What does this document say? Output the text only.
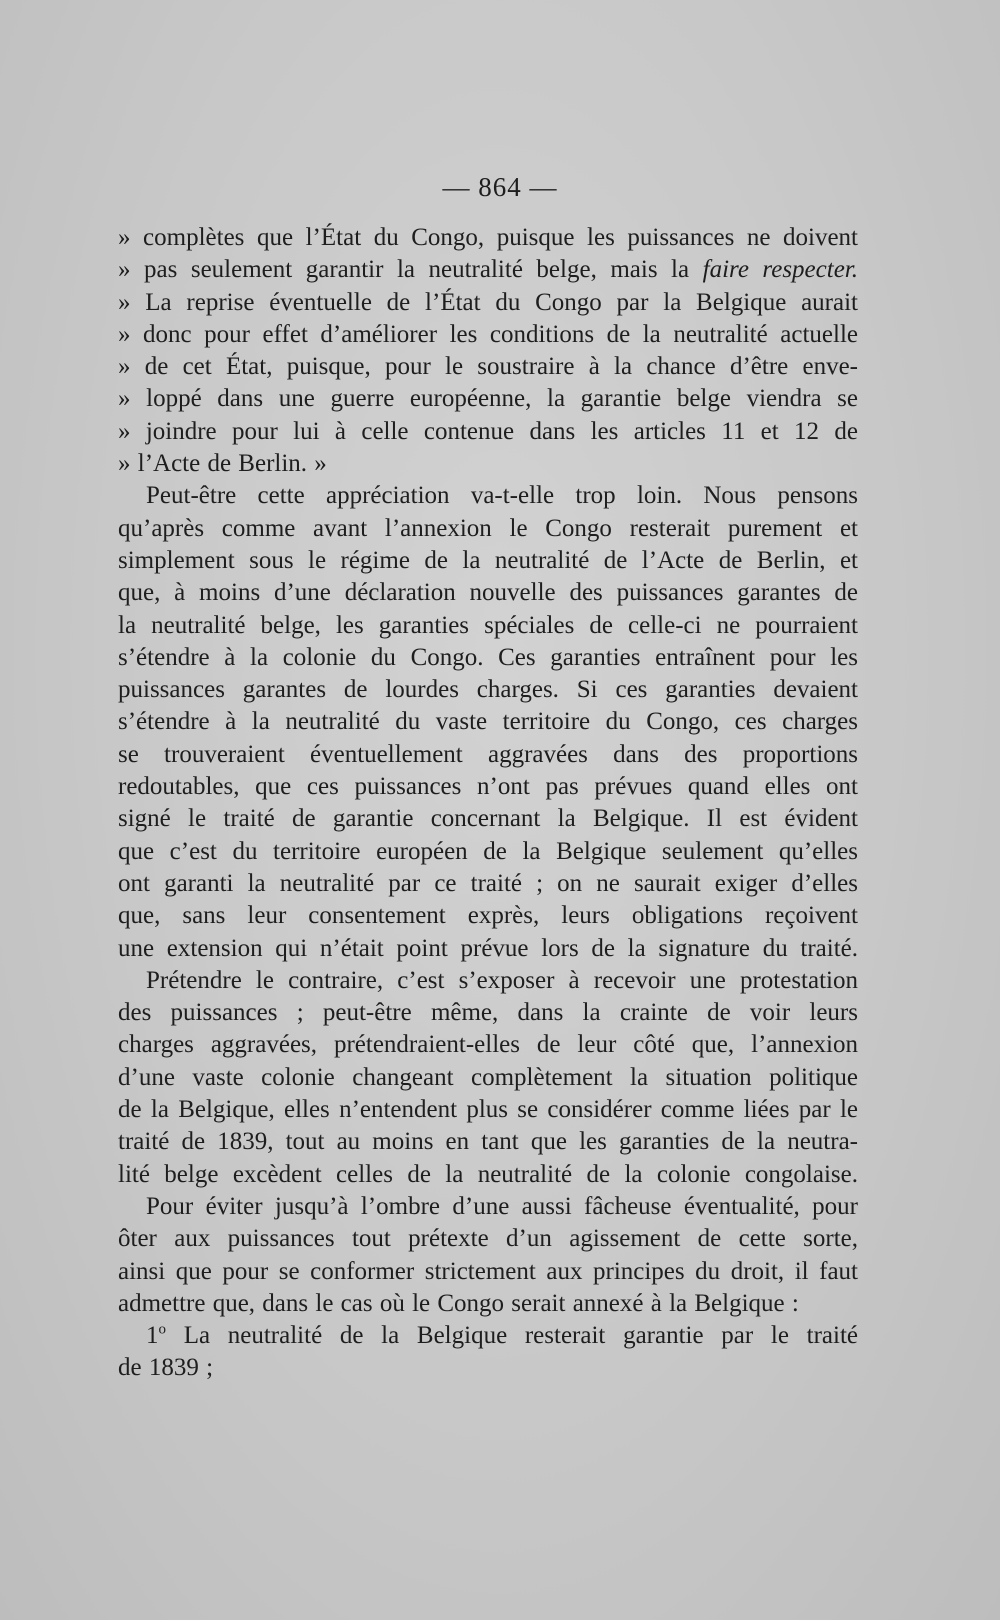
— 864 —
» complètes que l’État du Congo, puisque les puissances ne doivent
» pas seulement garantir la neutralité belge, mais la faire respecter.
» La reprise éventuelle de l’État du Congo par la Belgique aurait
» donc pour effet d’améliorer les conditions de la neutralité actuelle
» de cet État, puisque, pour le soustraire à la chance d’être enve-
» loppé dans une guerre européenne, la garantie belge viendra se
» joindre pour lui à celle contenue dans les articles 11 et 12 de
» l’Acte de Berlin. »
Peut-être cette appréciation va-t-elle trop loin. Nous pensons
qu’après comme avant l’annexion le Congo resterait purement et
simplement sous le régime de la neutralité de l’Acte de Berlin, et
que, à moins d’une déclaration nouvelle des puissances garantes de
la neutralité belge, les garanties spéciales de celle-ci ne pourraient
s’étendre à la colonie du Congo. Ces garanties entraînent pour les
puissances garantes de lourdes charges. Si ces garanties devaient
s’étendre à la neutralité du vaste territoire du Congo, ces charges
se trouveraient éventuellement aggravées dans des proportions
redoutables, que ces puissances n’ont pas prévues quand elles ont
signé le traité de garantie concernant la Belgique. Il est évident
que c’est du territoire européen de la Belgique seulement qu’elles
ont garanti la neutralité par ce traité ; on ne saurait exiger d’elles
que, sans leur consentement exprès, leurs obligations reçoivent
une extension qui n’était point prévue lors de la signature du traité.
Prétendre le contraire, c’est s’exposer à recevoir une protestation
des puissances ; peut-être même, dans la crainte de voir leurs
charges aggravées, prétendraient-elles de leur côté que, l’annexion
d’une vaste colonie changeant complètement la situation politique
de la Belgique, elles n’entendent plus se considérer comme liées par le
traité de 1839, tout au moins en tant que les garanties de la neutra-
lité belge excèdent celles de la neutralité de la colonie congolaise.
Pour éviter jusqu’à l’ombre d’une aussi fâcheuse éventualité, pour
ôter aux puissances tout prétexte d’un agissement de cette sorte,
ainsi que pour se conformer strictement aux principes du droit, il faut
admettre que, dans le cas où le Congo serait annexé à la Belgique :
1$^o$ La neutralité de la Belgique resterait garantie par le traité
de 1839 ;
